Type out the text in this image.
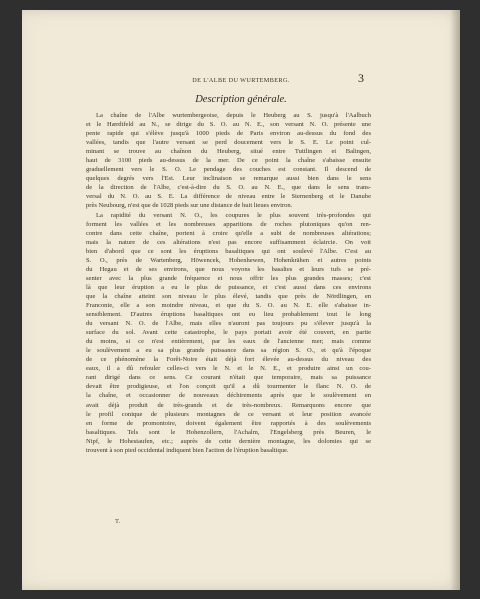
DE L'ALBE DU WURTEMBERG.	3
Description générale.
La chaîne de l'Albe wurtembergeoise, depuis le Heuberg au S. jusqu'à l'Aalbuch
et le Hærdtfeld au N., se dirige du S. O. au N. E., son versant N. O. présente une
pente rapide qui s'élève jusqu'à 1000 pieds de Paris environ au-dessus du fond des
vallées, tandis que l'autre versant se perd doucement vers le S. E. Le point cul-
minant se trouve au chaînon du Heuberg, situé entre Tuttlingen et Balingen,
haut de 3100 pieds au-dessus de la mer. De ce point la chaîne s'abaisse ensuite
graduellement vers le S. O. Le pendage des couches est constant. Il descend de
quelques degrés vers l'Est. Leur inclinaison se remarque aussi bien dans le sens
de la direction de l'Albe, c'est-à-dire du S. O. au N. E., que dans le sens trans-
versal du N. O. au S. E. La différence de niveau entre le Sternenberg et le Danube
près Neubourg, n'est que de 1028 pieds sur une distance de huit lieues environ.
La rapidité du versant N. O., les coupures le plus souvent très-profondes qui
forment les vallées et les nombreuses apparitions de roches plutoniques qu'on ren-
contre dans cette chaîne, portent à croire qu'elle a subi de nombreuses altérations;
mais la nature de ces altérations n'est pas encore suffisamment éclaircie. On voit
bien d'abord que ce sont les éruptions basaltiques qui ont soulevé l'Albe. C'est au
S. O., près de Wartenberg, Höwencek, Hohenhewen, Hohenkrähen et autres points
du Hegau et de ses environs, que nous voyons les basaltes et leurs tufs se pré-
senter avec la plus grande fréquence et nous offrir les plus grandes masses; c'est
là que leur éruption a eu le plus de puissance, et c'est aussi dans ces environs
que la chaîne atteint son niveau le plus élevé, tandis que près de Nördlingen, en
Franconie, elle a son moindre niveau, et que du S. O. au N. E. elle s'abaisse in-
sensiblement. D'autres éruptions basaltiques ont eu lieu probablement tout le long
du versant N. O. de l'Albe, mais elles n'auront pas toujours pu s'élever jusqu'à la
surface du sol. Avant cette catastrophe, le pays portait avoir été couvert, en partie
du moins, si ce n'est entièrement, par les eaux de l'ancienne mer; mais comme
le soulèvement a eu sa plus grande puissance dans sa région S. O., et qu'à l'époque
de ce phénomène la Forêt-Noire était déjà fort élevée au-dessus du niveau des
eaux, il a dû refouler celles-ci vers le N. et le N. E., et produire ainsi un cou-
rant dirigé dans ce sens. Ce courant n'était que temporaire, mais sa puissance
devait être prodigieuse, et l'on conçoit qu'il a dû tourmenter le flanc N. O. de
la chaîne, et occasionner de nouveaux déchirements après que le soulèvement en
avait déjà produit de très-grands et de très-nombreux. Remarquons encore que
le profil conique de plusieurs montagnes de ce versant et leur position avancée
en forme de promontoire, doivent également être rapportés à des soulèvements
basaltiques. Tels sont le Hohenzollern, l'Achalm, l'Engelsberg près Beuren, le
Nipf, le Hohestaufen, etc.; auprès de cette dernière montagne, les dolomies qui se
trouvent à son pied occidental indiquent bien l'action de l'éruption basaltique.
T.
